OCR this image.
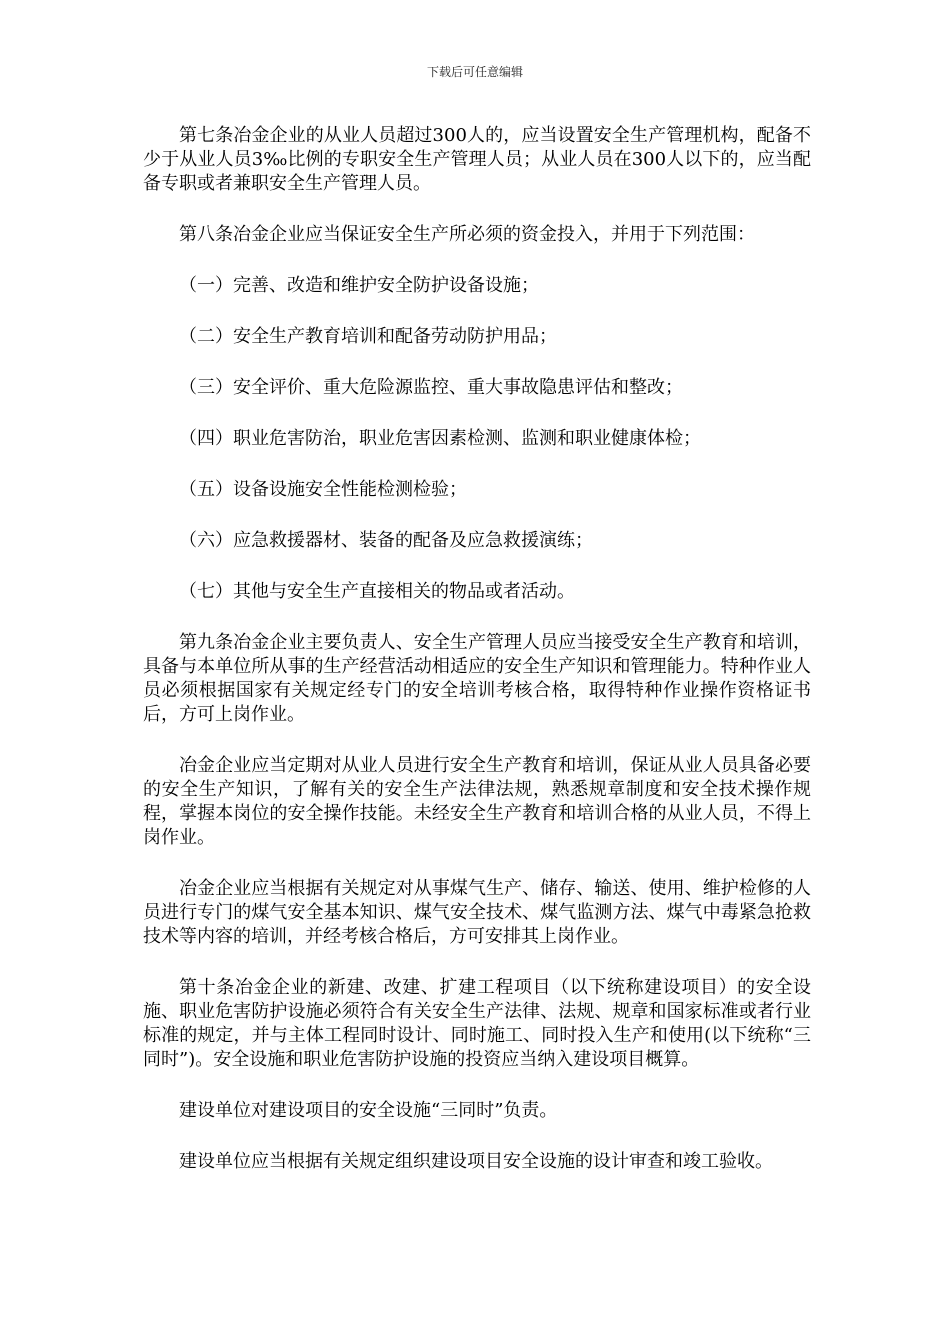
下载后可任意编辑

第七条冶金企业的从业人员超过300人的，应当设置安全生产管理机构，配备不少于从业人员3‰比例的专职安全生产管理人员；从业人员在300人以下的，应当配备专职或者兼职安全生产管理人员。

第八条冶金企业应当保证安全生产所必须的资金投入，并用于下列范围：

（一）完善、改造和维护安全防护设备设施；

（二）安全生产教育培训和配备劳动防护用品；

（三）安全评价、重大危险源监控、重大事故隐患评估和整改；

（四）职业危害防治，职业危害因素检测、监测和职业健康体检；

（五）设备设施安全性能检测检验；

（六）应急救援器材、装备的配备及应急救援演练；

（七）其他与安全生产直接相关的物品或者活动。

第九条冶金企业主要负责人、安全生产管理人员应当接受安全生产教育和培训，具备与本单位所从事的生产经营活动相适应的安全生产知识和管理能力。特种作业人员必须根据国家有关规定经专门的安全培训考核合格，取得特种作业操作资格证书后，方可上岗作业。

冶金企业应当定期对从业人员进行安全生产教育和培训，保证从业人员具备必要的安全生产知识，了解有关的安全生产法律法规，熟悉规章制度和安全技术操作规程，掌握本岗位的安全操作技能。未经安全生产教育和培训合格的从业人员，不得上岗作业。

冶金企业应当根据有关规定对从事煤气生产、储存、输送、使用、维护检修的人员进行专门的煤气安全基本知识、煤气安全技术、煤气监测方法、煤气中毒紧急抢救技术等内容的培训，并经考核合格后，方可安排其上岗作业。

第十条冶金企业的新建、改建、扩建工程项目（以下统称建设项目）的安全设施、职业危害防护设施必须符合有关安全生产法律、法规、规章和国家标准或者行业标准的规定，并与主体工程同时设计、同时施工、同时投入生产和使用(以下统称“三同时”)。安全设施和职业危害防护设施的投资应当纳入建设项目概算。

建设单位对建设项目的安全设施“三同时”负责。

建设单位应当根据有关规定组织建设项目安全设施的设计审查和竣工验收。
